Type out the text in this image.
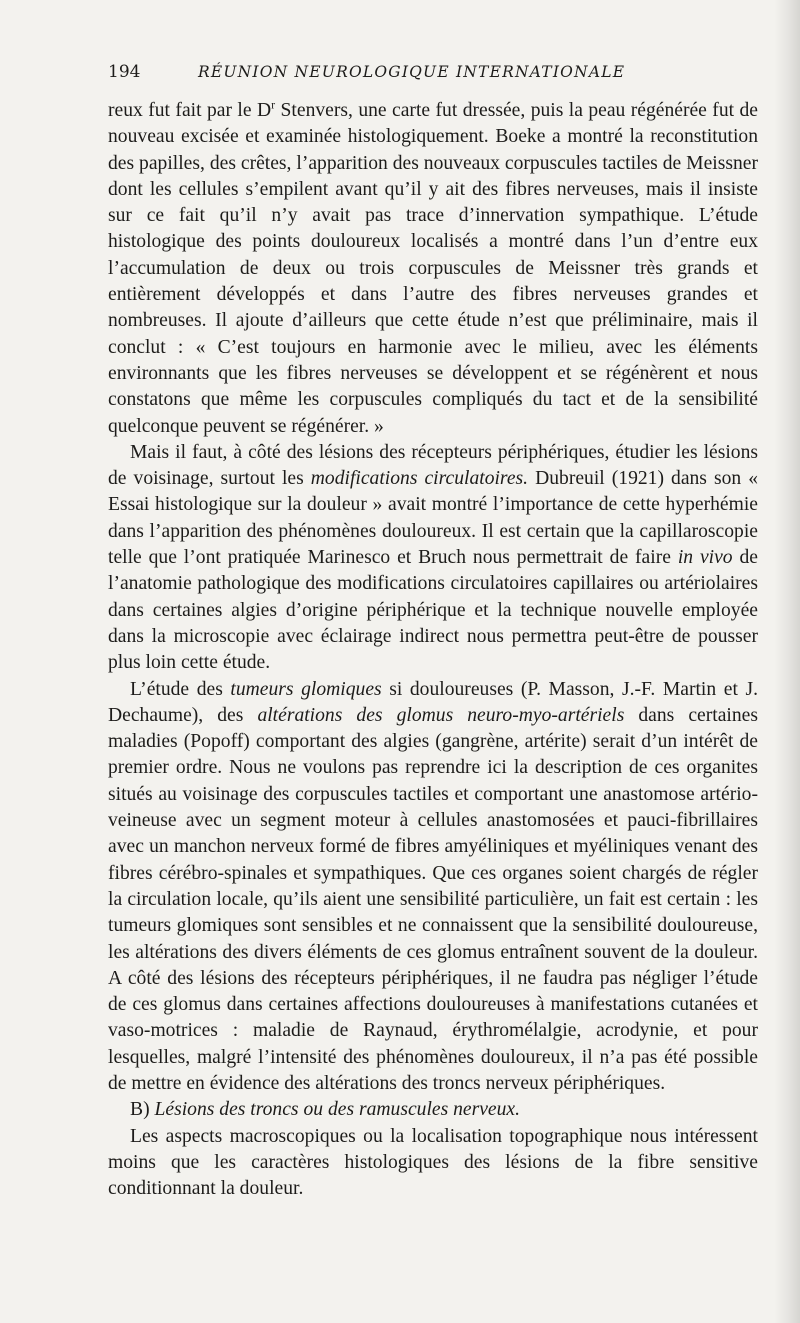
194	RÉUNION NEUROLOGIQUE INTERNATIONALE

reux fut fait par le $D^r$ Stenvers, une carte fut dressée, puis la peau régénérée fut de nouveau excisée et examinée histologiquement. Boeke a montré la reconstitution des papilles, des crêtes, l’apparition des nouveaux corpuscules tactiles de Meissner dont les cellules s’empilent avant qu’il y ait des fibres nerveuses, mais il insiste sur ce fait qu’il n’y avait pas trace d’innervation sympathique. L’étude histologique des points douloureux localisés a montré dans l’un d’entre eux l’accumulation de deux ou trois corpuscules de Meissner très grands et entièrement développés et dans l’autre des fibres nerveuses grandes et nombreuses. Il ajoute d’ailleurs que cette étude n’est que préliminaire, mais il conclut : « C’est toujours en harmonie avec le milieu, avec les éléments environnants que les fibres nerveuses se développent et se régénèrent et nous constatons que même les corpuscules compliqués du tact et de la sensibilité quelconque peuvent se régénérer. »

Mais il faut, à côté des lésions des récepteurs périphériques, étudier les lésions de voisinage, surtout les modifications circulatoires. Dubreuil (1921) dans son « Essai histologique sur la douleur » avait montré l’importance de cette hyperhémie dans l’apparition des phénomènes douloureux. Il est certain que la capillaroscopie telle que l’ont pratiquée Marinesco et Bruch nous permettrait de faire in vivo de l’anatomie pathologique des modifications circulatoires capillaires ou artériolaires dans certaines algies d’origine périphérique et la technique nouvelle employée dans la microscopie avec éclairage indirect nous permettra peut-être de pousser plus loin cette étude.

L’étude des tumeurs glomiques si douloureuses (P. Masson, J.-F. Martin et J. Dechaume), des altérations des glomus neuro-myo-artériels dans certaines maladies (Popoff) comportant des algies (gangrène, artérite) serait d’un intérêt de premier ordre. Nous ne voulons pas reprendre ici la description de ces organites situés au voisinage des corpuscules tactiles et comportant une anastomose artério-veineuse avec un segment moteur à cellules anastomosées et pauci-fibrillaires avec un manchon nerveux formé de fibres amyéliniques et myéliniques venant des fibres cérébro-spinales et sympathiques. Que ces organes soient chargés de régler la circulation locale, qu’ils aient une sensibilité particulière, un fait est certain : les tumeurs glomiques sont sensibles et ne connaissent que la sensibilité douloureuse, les altérations des divers éléments de ces glomus entraînent souvent de la douleur. A côté des lésions des récepteurs périphériques, il ne faudra pas négliger l’étude de ces glomus dans certaines affections douloureuses à manifestations cutanées et vaso-motrices : maladie de Raynaud, érythromélalgie, acrodynie, et pour lesquelles, malgré l’intensité des phénomènes douloureux, il n’a pas été possible de mettre en évidence des altérations des troncs nerveux périphériques.

B) Lésions des troncs ou des ramuscules nerveux.

Les aspects macroscopiques ou la localisation topographique nous intéressent moins que les caractères histologiques des lésions de la fibre sensitive conditionnant la douleur.
